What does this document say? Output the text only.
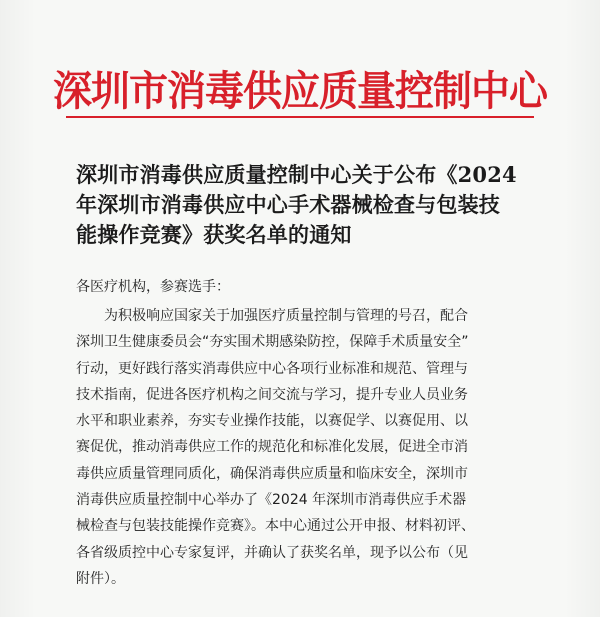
深圳市消毒供应质量控制中心
深圳市消毒供应质量控制中心关于公布《2024
年深圳市消毒供应中心手术器械检查与包装技
能操作竞赛》获奖名单的通知
各医疗机构，参赛选手：
　　为积极响应国家关于加强医疗质量控制与管理的号召，配合
深圳卫生健康委员会“夯实围术期感染防控，保障手术质量安全”
行动，更好践行落实消毒供应中心各项行业标准和规范、管理与
技术指南，促进各医疗机构之间交流与学习，提升专业人员业务
水平和职业素养，夯实专业操作技能，以赛促学、以赛促用、以
赛促优，推动消毒供应工作的规范化和标准化发展，促进全市消
毒供应质量管理同质化，确保消毒供应质量和临床安全，深圳市
消毒供应质量控制中心举办了《2024 年深圳市消毒供应手术器
械检查与包装技能操作竞赛》。本中心通过公开申报、材料初评、
各省级质控中心专家复评，并确认了获奖名单，现予以公布（见
附件）。
